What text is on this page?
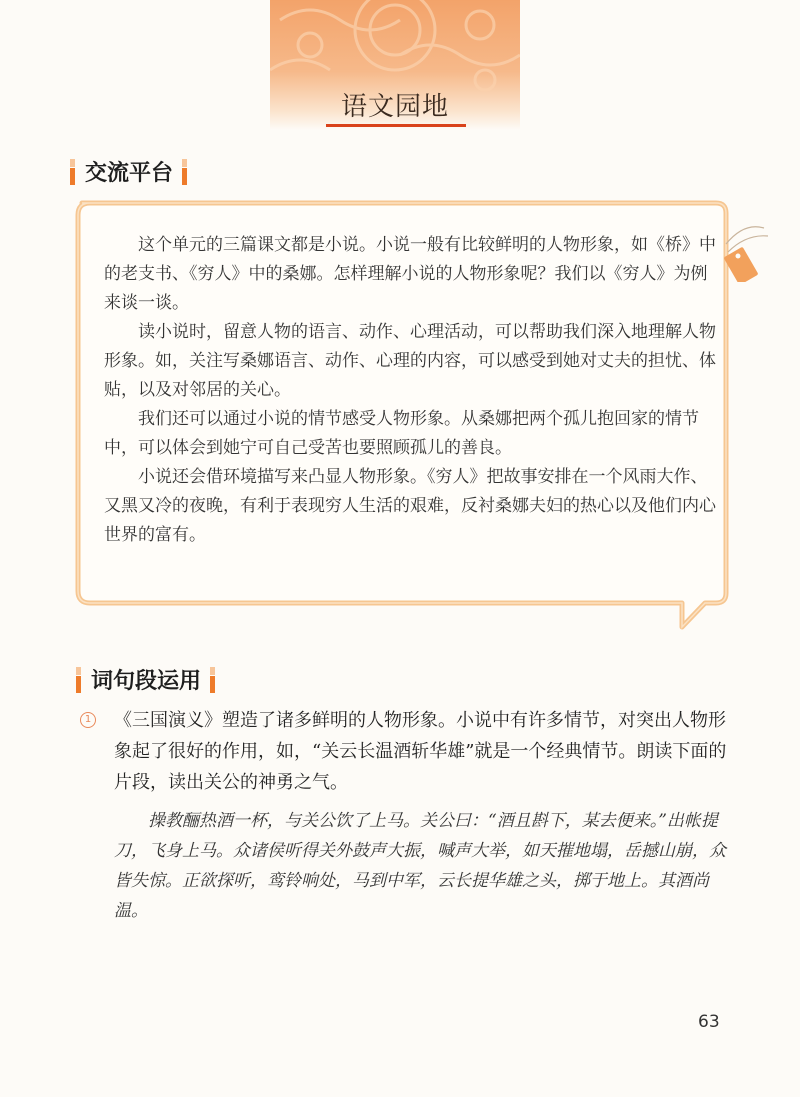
语文园地
交流平台

这个单元的三篇课文都是小说。小说一般有比较鲜明的人物形象，如《桥》中的老支书、《穷人》中的桑娜。怎样理解小说的人物形象呢？我们以《穷人》为例来谈一谈。

读小说时，留意人物的语言、动作、心理活动，可以帮助我们深入地理解人物形象。如，关注写桑娜语言、动作、心理的内容，可以感受到她对丈夫的担忧、体贴，以及对邻居的关心。

我们还可以通过小说的情节感受人物形象。从桑娜把两个孤儿抱回家的情节中，可以体会到她宁可自己受苦也要照顾孤儿的善良。

小说还会借环境描写来凸显人物形象。《穷人》把故事安排在一个风雨大作、又黑又冷的夜晚，有利于表现穷人生活的艰难，反衬桑娜夫妇的热心以及他们内心世界的富有。

词句段运用
1 《三国演义》塑造了诸多鲜明的人物形象。小说中有许多情节，对突出人物形象起了很好的作用，如，“关云长温酒斩华雄”就是一个经典情节。朗读下面的片段，读出关公的神勇之气。

操教酾热酒一杯，与关公饮了上马。关公曰：“酒且斟下，某去便来。”出帐提刀，飞身上马。众诸侯听得关外鼓声大振，喊声大举，如天摧地塌，岳撼山崩，众皆失惊。正欲探听，鸾铃响处，马到中军，云长提华雄之头，掷于地上。其酒尚温。

63
